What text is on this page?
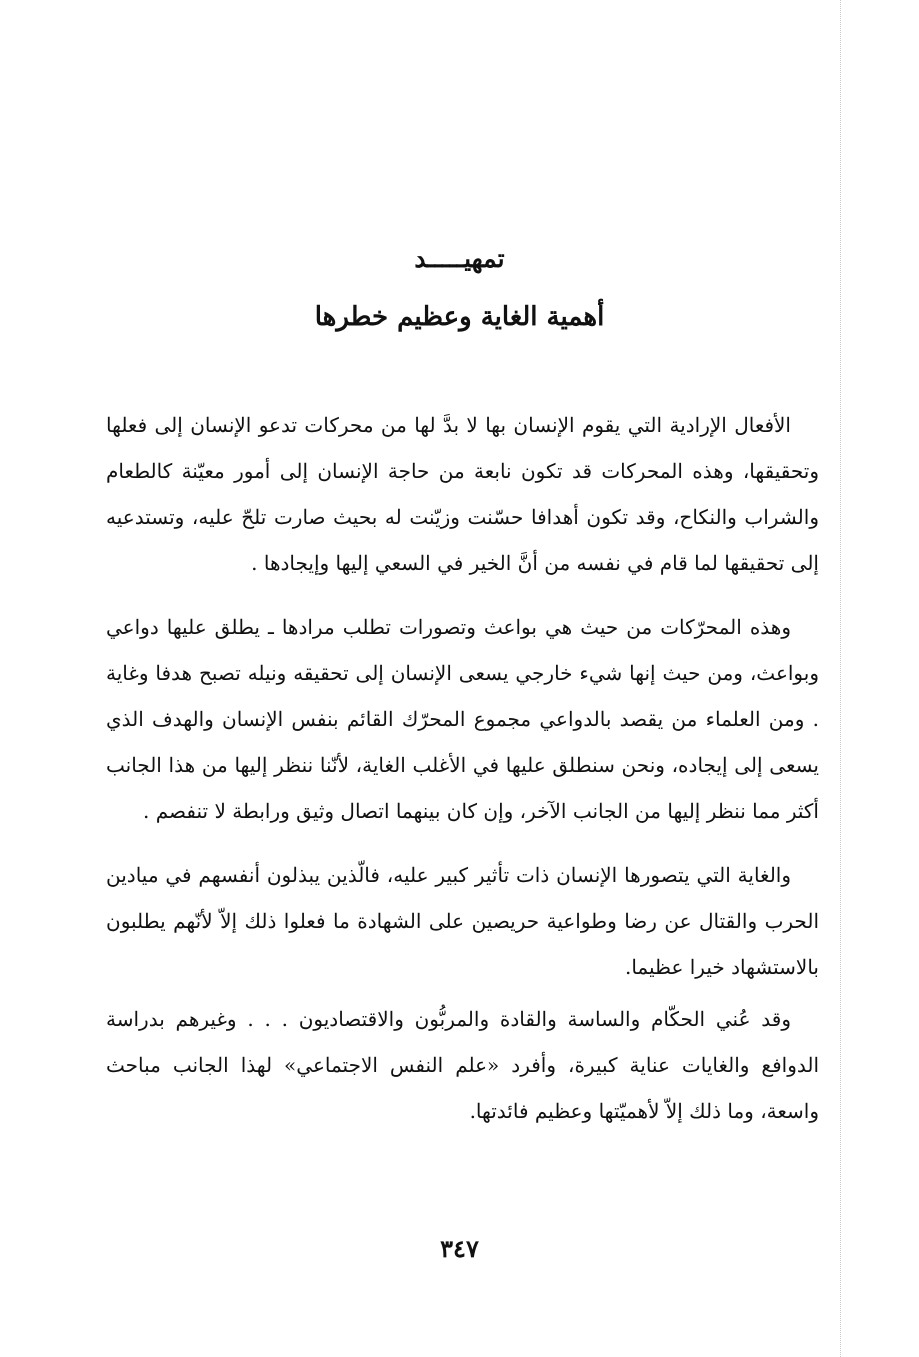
تمهيـــــد
أهمية الغاية وعظيم خطرها

الأفعال الإرادية التي يقوم الإنسان بها لا بدَّ لها من محركات تدعو الإنسان إلى فعلها وتحقيقها، وهذه المحركات قد تكون نابعة من حاجة الإنسان إلى أمور معيّنة كالطعام والشراب والنكاح، وقد تكون أهدافا حسّنت وزيّنت له بحيث صارت تلحّ عليه، وتستدعيه إلى تحقيقها لما قام في نفسه من أنَّ الخير في السعي إليها وإيجادها .

وهذه المحرّكات من حيث هي بواعث وتصورات تطلب مرادها ـ يطلق عليها دواعي وبواعث، ومن حيث إنها شيء خارجي يسعى الإنسان إلى تحقيقه ونيله تصبح هدفا وغاية . ومن العلماء من يقصد بالدواعي مجموع المحرّك القائم بنفس الإنسان والهدف الذي يسعى إلى إيجاده، ونحن سنطلق عليها في الأغلب الغاية، لأنّنا ننظر إليها من هذا الجانب أكثر مما ننظر إليها من الجانب الآخر، وإن كان بينهما اتصال وثيق ورابطة لا تنفصم .

والغاية التي يتصورها الإنسان ذات تأثير كبير عليه، فالّذين يبذلون أنفسهم في ميادين الحرب والقتال عن رضا وطواعية حريصين على الشهادة ما فعلوا ذلك إلاّ لأنّهم يطلبون بالاستشهاد خيرا عظيما.

وقد عُني الحكّام والساسة والقادة والمربُّون والاقتصاديون . . . وغيرهم بدراسة الدوافع والغايات عناية كبيرة، وأفرد «علم النفس الاجتماعي» لهذا الجانب مباحث واسعة، وما ذلك إلاّ لأهميّتها وعظيم فائدتها.

٣٤٧
